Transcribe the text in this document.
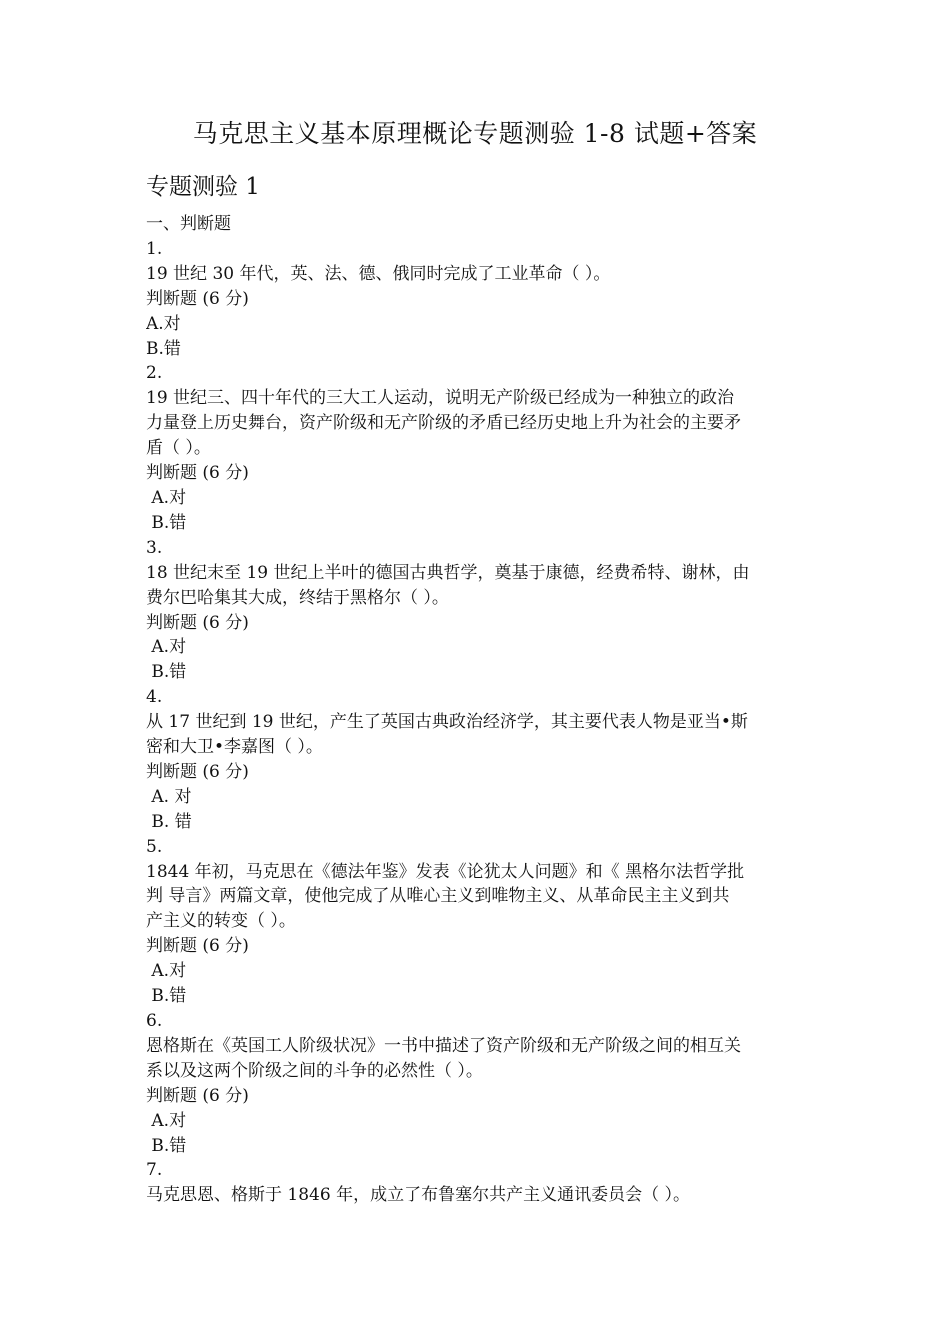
马克思主义基本原理概论专题测验 1-8 试题+答案
专题测验 1
一、判断题
1.
19 世纪 30 年代，英、法、德、俄同时完成了工业革命（ ）。
判断题 (6 分)
A.对
B.错
2.
19 世纪三、四十年代的三大工人运动，说明无产阶级已经成为一种独立的政治
力量登上历史舞台，资产阶级和无产阶级的矛盾已经历史地上升为社会的主要矛
盾（ ）。
判断题 (6 分)
A.对
B.错
3.
18 世纪末至 19 世纪上半叶的德国古典哲学，奠基于康德，经费希特、谢林，由
费尔巴哈集其大成，终结于黑格尔（ ）。
判断题 (6 分)
A.对
B.错
4.
从 17 世纪到 19 世纪，产生了英国古典政治经济学，其主要代表人物是亚当•斯
密和大卫•李嘉图（ ）。
判断题 (6 分)
A. 对
B. 错
5.
1844 年初，马克思在《德法年鉴》发表《论犹太人问题》和《 黑格尔法哲学批
判 导言》两篇文章，使他完成了从唯心主义到唯物主义、从革命民主主义到共
产主义的转变（ ）。
判断题 (6 分)
A.对
B.错
6.
恩格斯在《英国工人阶级状况》一书中描述了资产阶级和无产阶级之间的相互关
系以及这两个阶级之间的斗争的必然性（ ）。
判断题 (6 分)
A.对
B.错
7.
马克思恩、格斯于 1846 年，成立了布鲁塞尔共产主义通讯委员会（ ）。
